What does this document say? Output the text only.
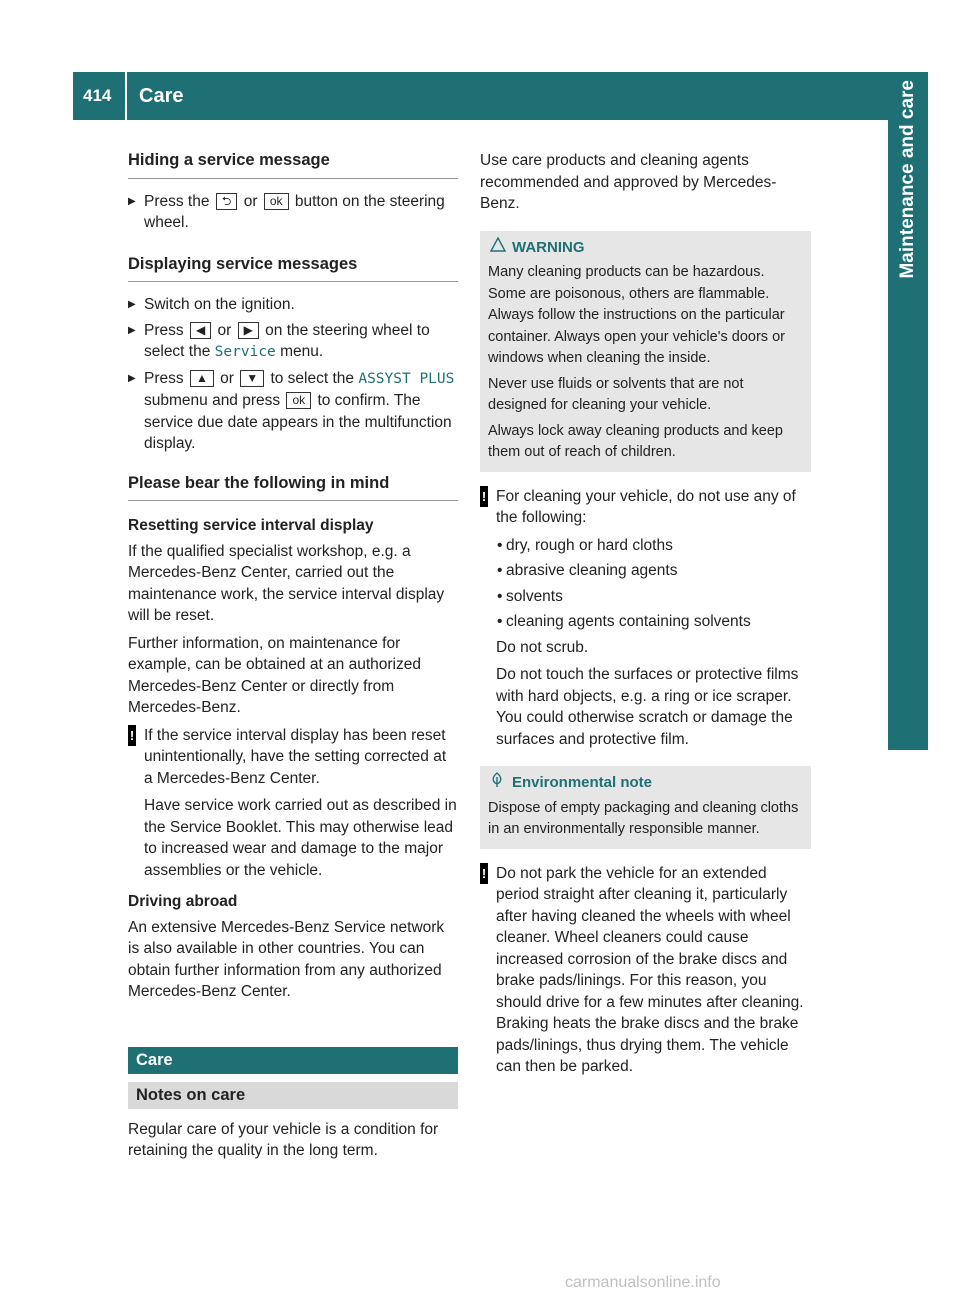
414 Care	Maintenance and care
Hiding a service message
▶ Press the ⮌ or ok button on the steering wheel.
Displaying service messages
▶ Switch on the ignition.
▶ Press ◀ or ▶ on the steering wheel to select the Service menu.
▶ Press ▲ or ▼ to select the ASSYST PLUS submenu and press ok to confirm. The service due date appears in the multifunction display.
Please bear the following in mind

Resetting service interval display

If the qualified specialist workshop, e.g. a Mercedes-Benz Center, carried out the maintenance work, the service interval display will be reset.

Further information, on maintenance for example, can be obtained at an authorized Mercedes-Benz Center or directly from Mercedes-Benz.

! If the service interval display has been reset unintentionally, have the setting corrected at a Mercedes-Benz Center.

Have service work carried out as described in the Service Booklet. This may otherwise lead to increased wear and damage to the major assemblies or the vehicle.

Driving abroad

An extensive Mercedes-Benz Service network is also available in other countries. You can obtain further information from any authorized Mercedes-Benz Center.

Care
Notes on care

Regular care of your vehicle is a condition for retaining the quality in the long term.

Use care products and cleaning agents recommended and approved by Mercedes-Benz.

WARNING

Many cleaning products can be hazardous. Some are poisonous, others are flammable. Always follow the instructions on the particular container. Always open your vehicle's doors or windows when cleaning the inside.

Never use fluids or solvents that are not designed for cleaning your vehicle.

Always lock away cleaning products and keep them out of reach of children.

! For cleaning your vehicle, do not use any of the following:
• dry, rough or hard cloths
• abrasive cleaning agents
• solvents
• cleaning agents containing solvents

Do not scrub.

Do not touch the surfaces or protective films with hard objects, e.g. a ring or ice scraper. You could otherwise scratch or damage the surfaces and protective film.

Environmental note

Dispose of empty packaging and cleaning cloths in an environmentally responsible manner.

! Do not park the vehicle for an extended period straight after cleaning it, particularly after having cleaned the wheels with wheel cleaner. Wheel cleaners could cause increased corrosion of the brake discs and brake pads/linings. For this reason, you should drive for a few minutes after cleaning. Braking heats the brake discs and the brake pads/linings, thus drying them. The vehicle can then be parked.
carmanualsonline.info
